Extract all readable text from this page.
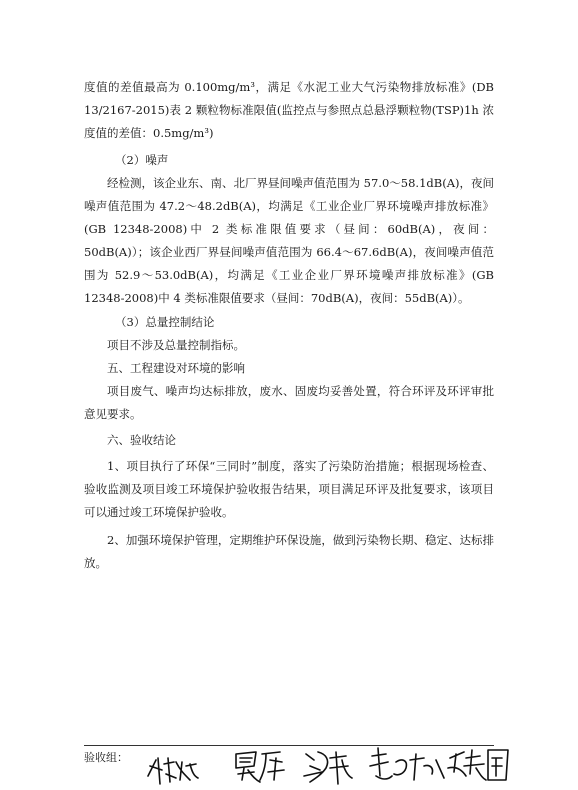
度值的差值最高为 0.100mg/m³，满足《水泥工业大气污染物排放标准》(DB 13/2167-2015)表 2 颗粒物标准限值(监控点与参照点总悬浮颗粒物(TSP)1h 浓度值的差值：0.5mg/m³)

（2）噪声

经检测，该企业东、南、北厂界昼间噪声值范围为 57.0～58.1dB(A)，夜间噪声值范围为 47.2～48.2dB(A)，均满足《工业企业厂界环境噪声排放标准》(GB 12348-2008)中 2 类标准限值要求（昼间：60dB(A)，夜间：50dB(A)）；该企业西厂界昼间噪声值范围为 66.4～67.6dB(A)，夜间噪声值范围为 52.9～53.0dB(A)，均满足《工业企业厂界环境噪声排放标准》(GB 12348-2008)中 4 类标准限值要求（昼间：70dB(A)，夜间：55dB(A)）。

（3）总量控制结论

项目不涉及总量控制指标。

五、工程建设对环境的影响

项目废气、噪声均达标排放，废水、固废均妥善处置，符合环评及环评审批意见要求。

六、验收结论

1、项目执行了环保“三同时”制度，落实了污染防治措施；根据现场检查、验收监测及项目竣工环境保护验收报告结果，项目满足环评及批复要求，该项目可以通过竣工环境保护验收。

2、加强环境保护管理，定期维护环保设施，做到污染物长期、稳定、达标排放。

验收组：
